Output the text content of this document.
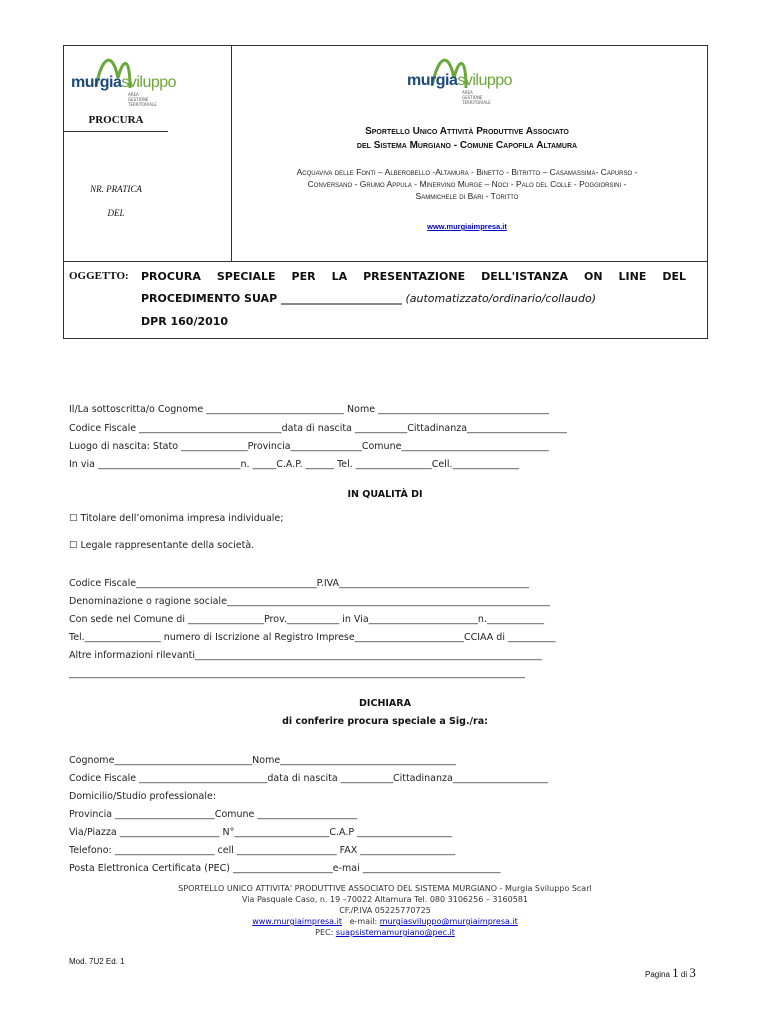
murgiasviluppo
AREA
GESTIONE
TERRITORIALE
PROCURA
NR. PRATICA
DEL
murgiasviluppo
AREA
GESTIONE
TERRITORIALE
Sportello Unico Attività Produttive Associato
del Sistema Murgiano - Comune Capofila Altamura
Acquaviva delle Fonti – Alberobello -Altamura - Binetto - Bitritto – Casamassima- Capurso -
Conversano - Grumo Appula - Minervino Murge – Noci - Palo del Colle - Poggiorsini -
Sammichele di Bari - Toritto
www.murgiaimpresa.it
OGGETTO: PROCURA SPECIALE PER LA PRESENTAZIONE DELL'ISTANZA ON LINE DEL
PROCEDIMENTO SUAP ______________________ (automatizzato/ordinario/collaudo)
DPR 160/2010
Il/La sottoscritta/o Cognome _____________________________ Nome ____________________________________
Codice Fiscale ______________________________data di nascita ___________Cittadinanza_____________________
Luogo di nascita: Stato ______________Provincia_______________Comune_______________________________
In via ______________________________n. _____C.A.P. ______ Tel. ________________Cell.______________
IN QUALITÀ DI
☐ Titolare dell’omonima impresa individuale;
☐ Legale rappresentante della società.
Codice Fiscale______________________________________P.IVA________________________________________
Denominazione o ragione sociale____________________________________________________________________
Con sede nel Comune di ________________Prov.___________ in Via_______________________n.____________
Tel.________________ numero di Iscrizione al Registro Imprese_______________________CCIAA di __________
Altre informazioni rilevanti_________________________________________________________________________
________________________________________________________________________________________________
DICHIARA
di conferire procura speciale a Sig./ra:
Cognome_____________________________Nome_____________________________________
Codice Fiscale ___________________________data di nascita ___________Cittadinanza____________________
Domicilio/Studio professionale:
Provincia _____________________Comune _____________________
Via/Piazza _____________________ N°____________________C.A.P ____________________
Telefono: _____________________ cell _____________________ FAX ____________________
Posta Elettronica Certificata (PEC) _____________________e-mai _____________________________
SPORTELLO UNICO ATTIVITA' PRODUTTIVE ASSOCIATO DEL SISTEMA MURGIANO - Murgia Sviluppo Scarl
Via Pasquale Caso, n. 19 –70022 Altamura Tel. 080 3106256 – 3160581
CF./P.IVA 05225770725
www.murgiaimpresa.it   e-mail: murgiasviluppo@murgiaimpresa.it
PEC: suapsistemamurgiano@pec.it
Mod. 7U2 Ed. 1
Pagina 1 di 3
